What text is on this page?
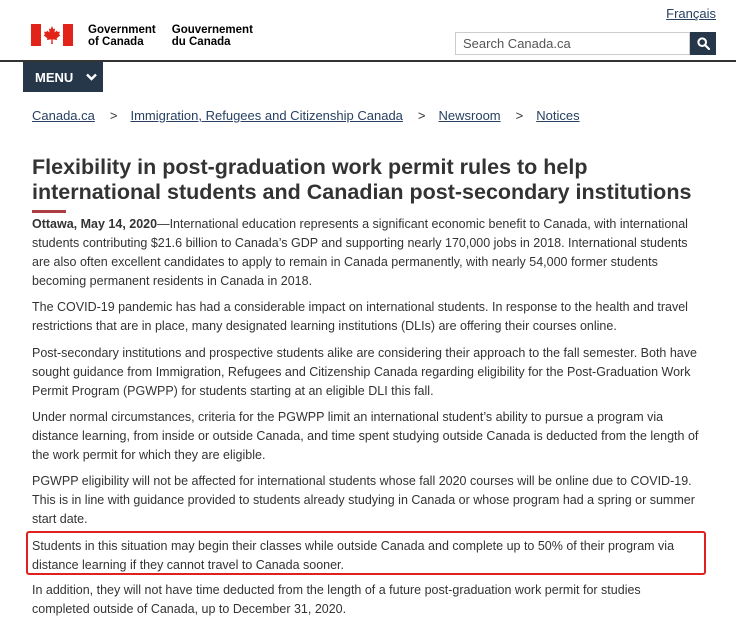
Français
Government
of Canada
Gouvernement
du Canada
Search Canada.ca
MENU
Canada.ca > Immigration, Refugees and Citizenship Canada > Newsroom > Notices
Flexibility in post-graduation work permit rules to help
international students and Canadian post-secondary institutions
Ottawa, May 14, 2020—International education represents a significant economic benefit to Canada, with international
students contributing $21.6 billion to Canada’s GDP and supporting nearly 170,000 jobs in 2018. International students
are also often excellent candidates to apply to remain in Canada permanently, with nearly 54,000 former students
becoming permanent residents in Canada in 2018.
The COVID-19 pandemic has had a considerable impact on international students. In response to the health and travel
restrictions that are in place, many designated learning institutions (DLIs) are offering their courses online.
Post-secondary institutions and prospective students alike are considering their approach to the fall semester. Both have
sought guidance from Immigration, Refugees and Citizenship Canada regarding eligibility for the Post-Graduation Work
Permit Program (PGWPP) for students starting at an eligible DLI this fall.
Under normal circumstances, criteria for the PGWPP limit an international student’s ability to pursue a program via
distance learning, from inside or outside Canada, and time spent studying outside Canada is deducted from the length of
the work permit for which they are eligible.
PGWPP eligibility will not be affected for international students whose fall 2020 courses will be online due to COVID-19.
This is in line with guidance provided to students already studying in Canada or whose program had a spring or summer
start date.
Students in this situation may begin their classes while outside Canada and complete up to 50% of their program via
distance learning if they cannot travel to Canada sooner.
In addition, they will not have time deducted from the length of a future post-graduation work permit for studies
completed outside of Canada, up to December 31, 2020.
